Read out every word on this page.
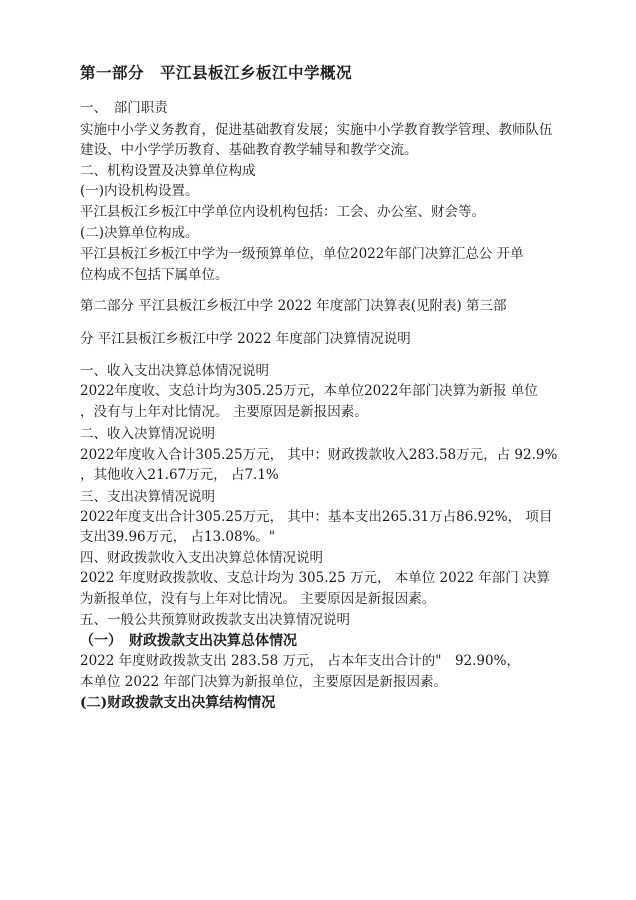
第一部分　平江县板江乡板江中学概况
一、　部门职责
实施中小学义务教育，促进基础教育发展；实施中小学教育教学管理、教师队伍
建设、中小学学历教育、基础教育教学辅导和教学交流。
二、机构设置及决算单位构成
(一)内设机构设置。
平江县板江乡板江中学单位内设机构包括：工会、办公室、财会等。
(二)决算单位构成。
平江县板江乡板江中学为一级预算单位，单位2022年部门决算汇总公 开单
位构成不包括下属单位。
第二部分 平江县板江乡板江中学 2022 年度部门决算表(见附表) 第三部
分 平江县板江乡板江中学 2022 年度部门决算情况说明
一、收入支出决算总体情况说明
2022年度收、支总计均为305.25万元，本单位2022年部门决算为新报 单位
，没有与上年对比情况。 主要原因是新报因素。
二、收入决算情况说明
2022年度收入合计305.25万元， 其中：财政拨款收入283.58万元，占 92.9%
，其他收入21.67万元， 占7.1%
三、支出决算情况说明
2022年度支出合计305.25万元， 其中：基本支出265.31万占86.92%， 项目
支出39.96万元， 占13.08%。"
四、财政拨款收入支出决算总体情况说明
2022 年度财政拨款收、支总计均为 305.25 万元， 本单位 2022 年部门 决算
为新报单位，没有与上年对比情况。 主要原因是新报因素。
五、一般公共预算财政拨款支出决算情况说明
（一）　财政拨款支出决算总体情况
2022 年度财政拨款支出 283.58 万元， 占本年支出合计的"　92.90%，
本单位 2022 年部门决算为新报单位，主要原因是新报因素。
(二)财政拨款支出决算结构情况
